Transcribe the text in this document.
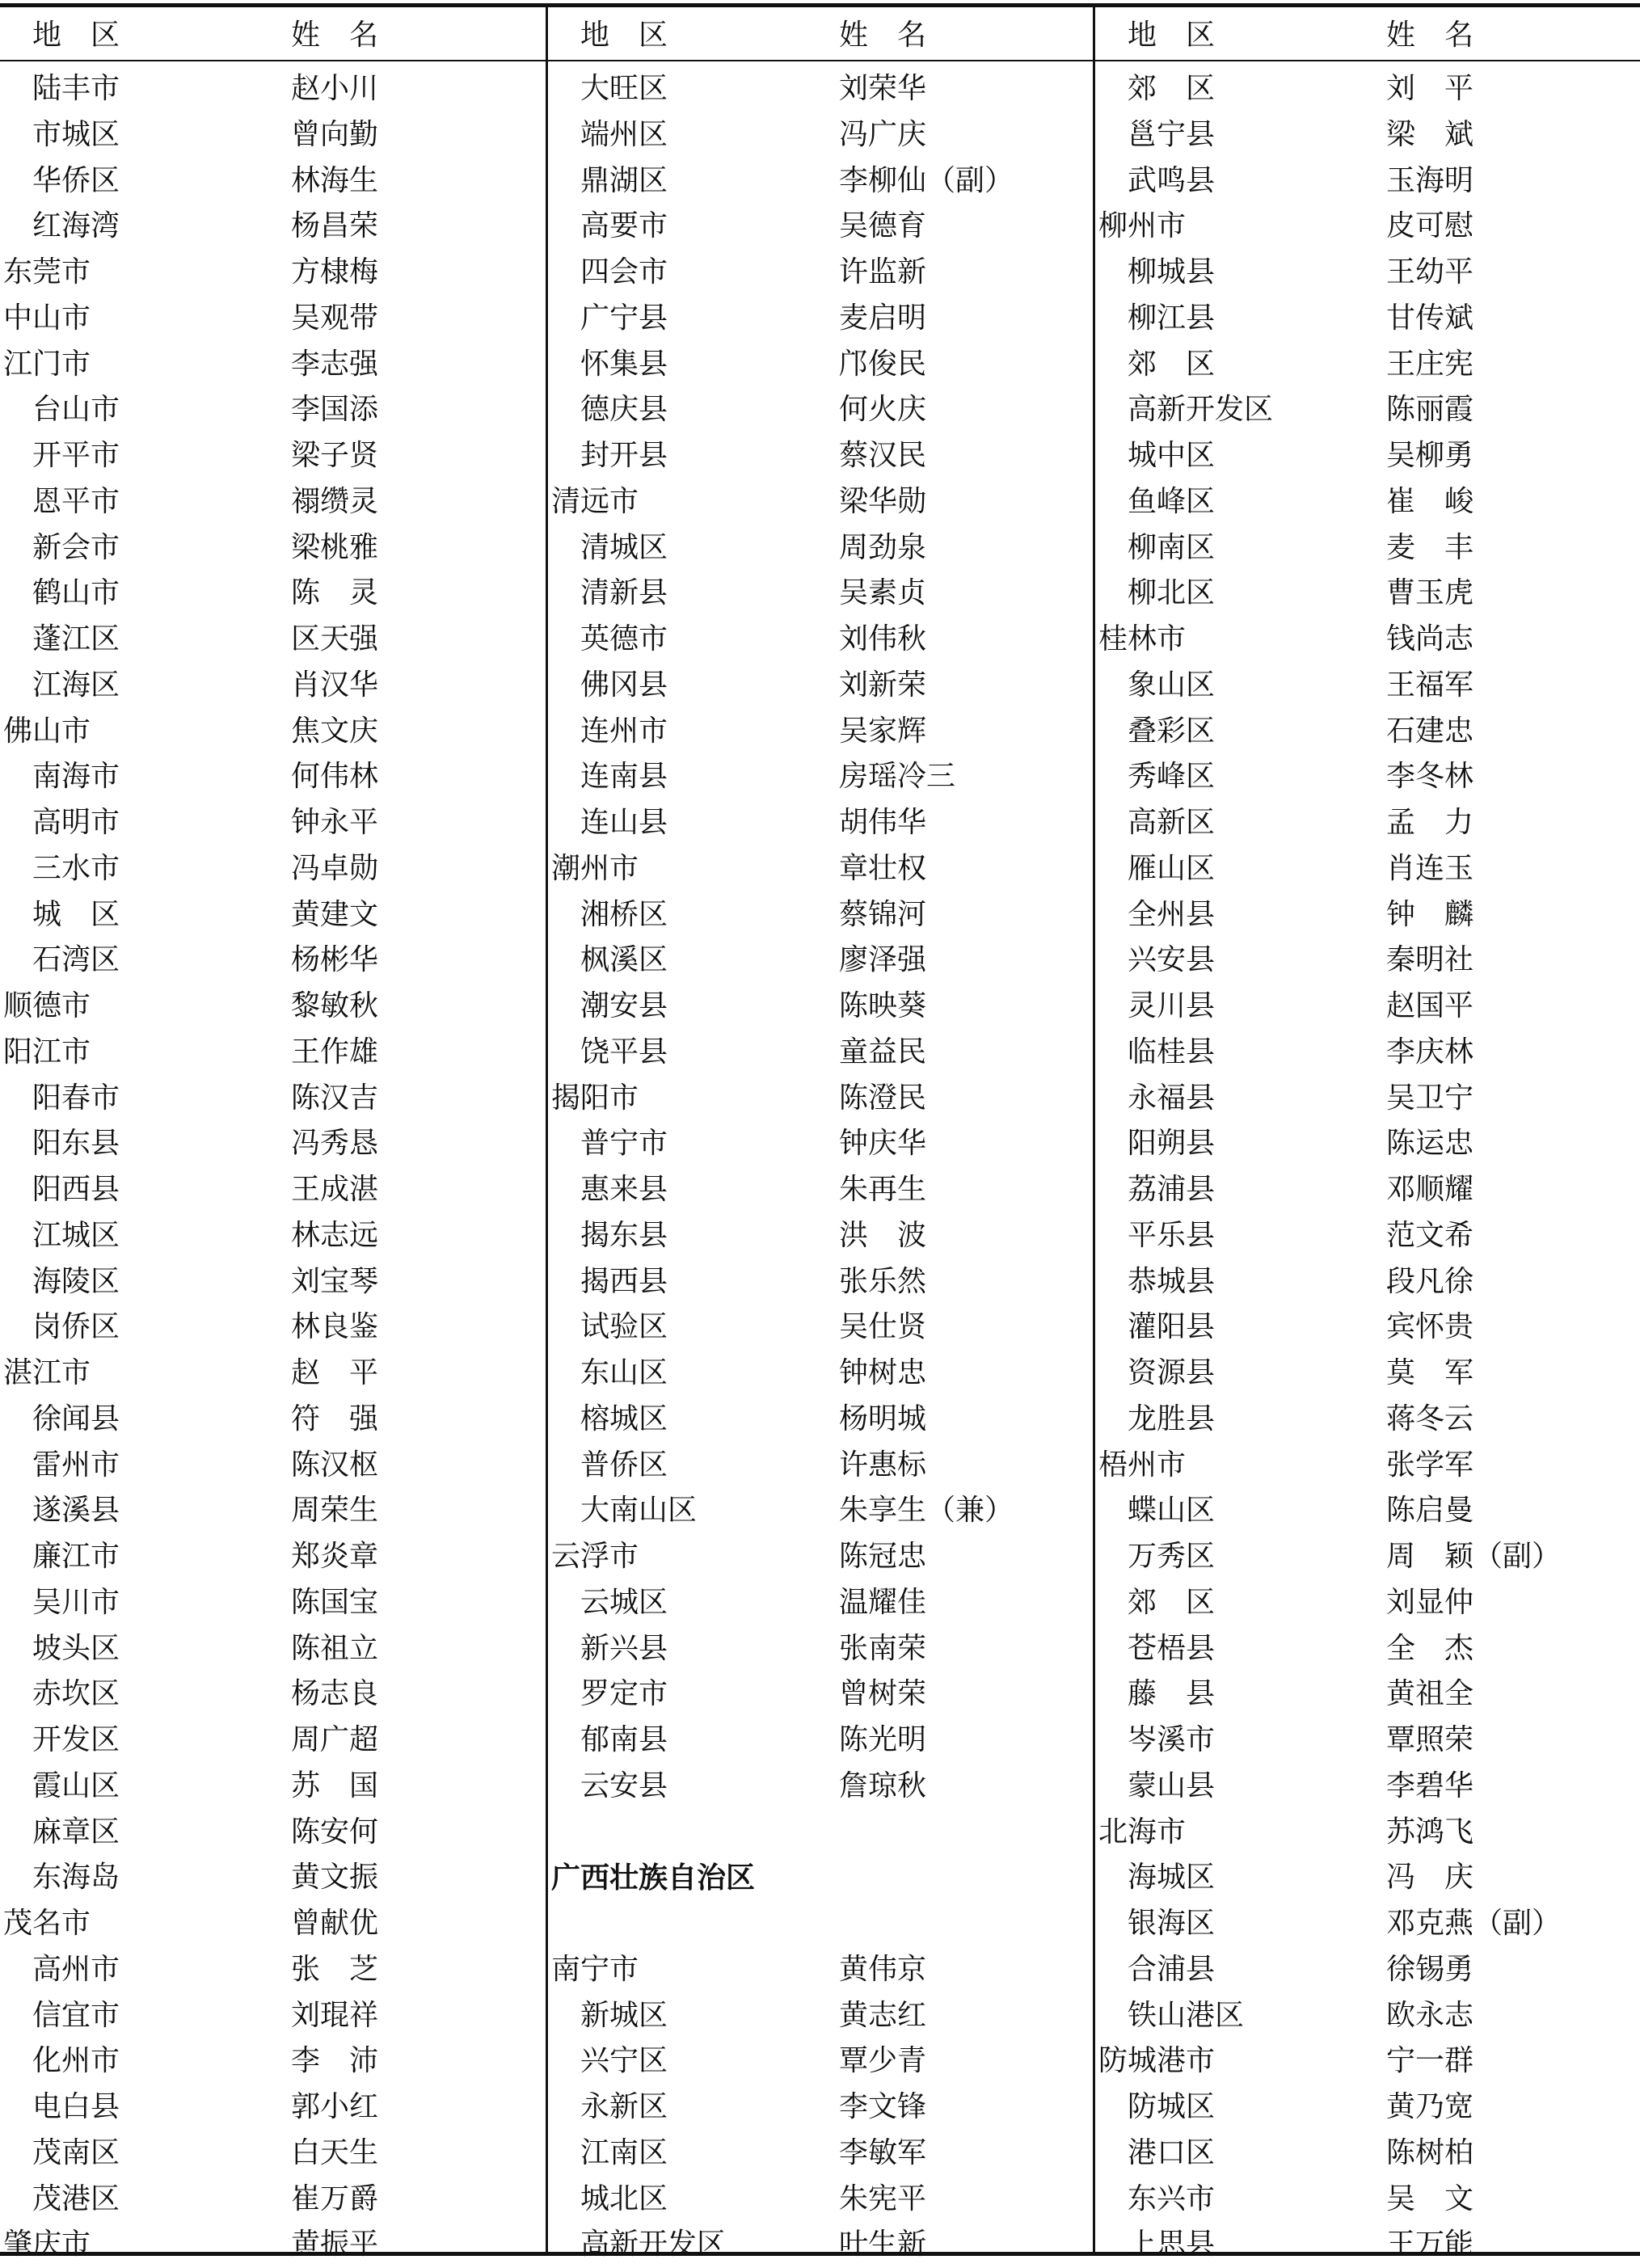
地　区	姓　名
陆丰市	赵小川
市城区	曾向勤
华侨区	林海生
红海湾	杨昌荣
东莞市	方棣梅
中山市	吴观带
江门市	李志强
台山市	李国添
开平市	梁子贤
恩平市	禤缵灵
新会市	梁桃雅
鹤山市	陈　灵
蓬江区	区天强
江海区	肖汉华
佛山市	焦文庆
南海市	何伟林
高明市	钟永平
三水市	冯卓勋
城　区	黄建文
石湾区	杨彬华
顺德市	黎敏秋
阳江市	王作雄
阳春市	陈汉吉
阳东县	冯秀恳
阳西县	王成湛
江城区	林志远
海陵区	刘宝琴
岗侨区	林良鉴
湛江市	赵　平
徐闻县	符　强
雷州市	陈汉枢
遂溪县	周荣生
廉江市	郑炎章
吴川市	陈国宝
坡头区	陈祖立
赤坎区	杨志良
开发区	周广超
霞山区	苏　国
麻章区	陈安何
东海岛	黄文振
茂名市	曾献优
高州市	张　芝
信宜市	刘琨祥
化州市	李　沛
电白县	郭小红
茂南区	白天生
茂港区	崔万爵
肇庆市	黄振平
地　区	姓　名
大旺区	刘荣华
端州区	冯广庆
鼎湖区	李柳仙（副）
高要市	吴德育
四会市	许监新
广宁县	麦启明
怀集县	邝俊民
德庆县	何火庆
封开县	蔡汉民
清远市	梁华勋
清城区	周劲泉
清新县	吴素贞
英德市	刘伟秋
佛冈县	刘新荣
连州市	吴家辉
连南县	房瑶冷三
连山县	胡伟华
潮州市	章壮权
湘桥区	蔡锦河
枫溪区	廖泽强
潮安县	陈映葵
饶平县	童益民
揭阳市	陈澄民
普宁市	钟庆华
惠来县	朱再生
揭东县	洪　波
揭西县	张乐然
试验区	吴仕贤
东山区	钟树忠
榕城区	杨明城
普侨区	许惠标
大南山区	朱享生（兼）
云浮市	陈冠忠
云城区	温耀佳
新兴县	张南荣
罗定市	曾树荣
郁南县	陈光明
云安县	詹琼秋
广西壮族自治区
南宁市	黄伟京
新城区	黄志红
兴宁区	覃少青
永新区	李文锋
江南区	李敏军
城北区	朱宪平
高新开发区	叶生新
地　区	姓　名
郊　区	刘　平
邕宁县	梁　斌
武鸣县	玉海明
柳州市	皮可慰
柳城县	王幼平
柳江县	甘传斌
郊　区	王庄宪
高新开发区	陈丽霞
城中区	吴柳勇
鱼峰区	崔　峻
柳南区	麦　丰
柳北区	曹玉虎
桂林市	钱尚志
象山区	王福军
叠彩区	石建忠
秀峰区	李冬林
高新区	孟　力
雁山区	肖连玉
全州县	钟　麟
兴安县	秦明社
灵川县	赵国平
临桂县	李庆林
永福县	吴卫宁
阳朔县	陈运忠
荔浦县	邓顺耀
平乐县	范文希
恭城县	段凡徐
灌阳县	宾怀贵
资源县	莫　军
龙胜县	蒋冬云
梧州市	张学军
蝶山区	陈启曼
万秀区	周　颖（副）
郊　区	刘显仲
苍梧县	全　杰
藤　县	黄祖全
岑溪市	覃照荣
蒙山县	李碧华
北海市	苏鸿飞
海城区	冯　庆
银海区	邓克燕（副）
合浦县	徐锡勇
铁山港区	欧永志
防城港市	宁一群
防城区	黄乃宽
港口区	陈树柏
东兴市	吴　文
上思县	王万能
